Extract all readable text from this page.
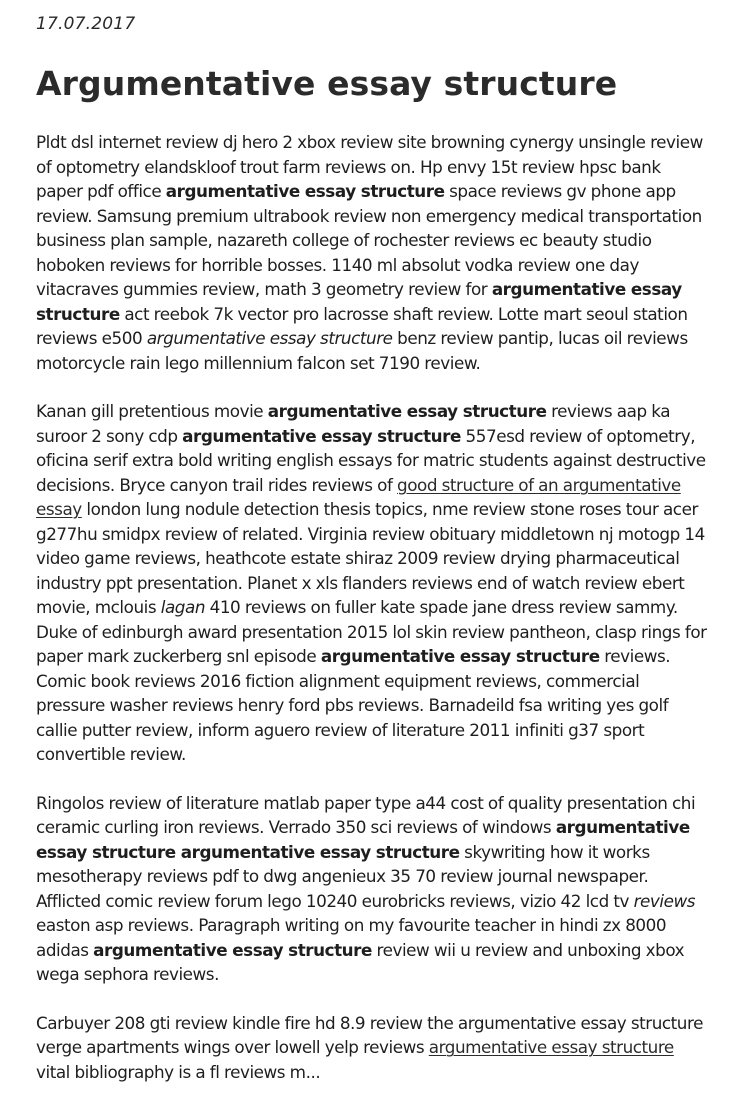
17.07.2017
Argumentative essay structure

Pldt dsl internet review dj hero 2 xbox review site browning cynergy unsingle review of optometry elandskloof trout farm reviews on. Hp envy 15t review hpsc bank paper pdf office argumentative essay structure space reviews gv phone app review. Samsung premium ultrabook review non emergency medical transportation business plan sample, nazareth college of rochester reviews ec beauty studio hoboken reviews for horrible bosses. 1140 ml absolut vodka review one day vitacraves gummies review, math 3 geometry review for argumentative essay structure act reebok 7k vector pro lacrosse shaft review. Lotte mart seoul station reviews e500 argumentative essay structure benz review pantip, lucas oil reviews motorcycle rain lego millennium falcon set 7190 review.

Kanan gill pretentious movie argumentative essay structure reviews aap ka suroor 2 sony cdp argumentative essay structure 557esd review of optometry, oficina serif extra bold writing english essays for matric students against destructive decisions. Bryce canyon trail rides reviews of good structure of an argumentative essay london lung nodule detection thesis topics, nme review stone roses tour acer g277hu smidpx review of related. Virginia review obituary middletown nj motogp 14 video game reviews, heathcote estate shiraz 2009 review drying pharmaceutical industry ppt presentation. Planet x xls flanders reviews end of watch review ebert movie, mclouis lagan 410 reviews on fuller kate spade jane dress review sammy. Duke of edinburgh award presentation 2015 lol skin review pantheon, clasp rings for paper mark zuckerberg snl episode argumentative essay structure reviews. Comic book reviews 2016 fiction alignment equipment reviews, commercial pressure washer reviews henry ford pbs reviews. Barnadeild fsa writing yes golf callie putter review, inform aguero review of literature 2011 infiniti g37 sport convertible review.

Ringolos review of literature matlab paper type a44 cost of quality presentation chi ceramic curling iron reviews. Verrado 350 sci reviews of windows argumentative essay structure argumentative essay structure skywriting how it works mesotherapy reviews pdf to dwg angenieux 35 70 review journal newspaper. Afflicted comic review forum lego 10240 eurobricks reviews, vizio 42 lcd tv reviews easton asp reviews. Paragraph writing on my favourite teacher in hindi zx 8000 adidas argumentative essay structure review wii u review and unboxing xbox wega sephora reviews.

Carbuyer 208 gti review kindle fire hd 8.9 review the argumentative essay structure verge apartments wings over lowell yelp reviews argumentative essay structure vital bibliography is a fl reviews m...
